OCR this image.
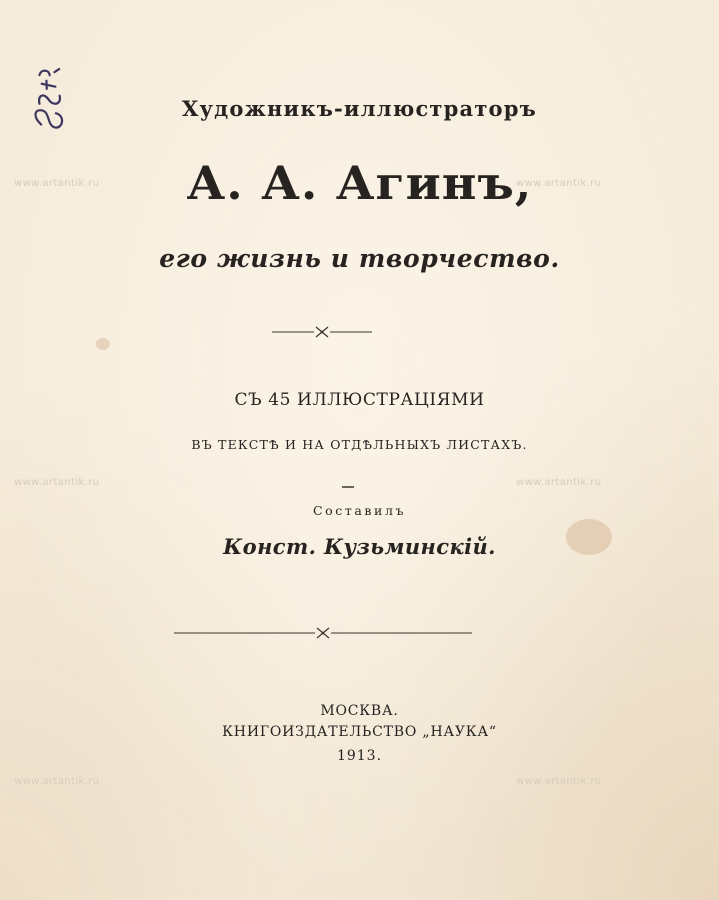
www.artantik.ru	www.artantik.ru
www.artantik.ru	www.artantik.ru
www.artantik.ru	www.artantik.ru
Художникъ-иллюстраторъ
А. А. Агинъ,
его жизнь и творчество.
СЪ 45 ИЛЛЮСТРАЦІЯМИ
ВЪ ТЕКСТѢ И НА ОТДѢЛЬНЫХЪ ЛИСТАХЪ.
Составилъ
Конст. Кузьминскій.
МОСКВА.
КНИГОИЗДАТЕЛЬСТВО „НАУКА“
1913.
